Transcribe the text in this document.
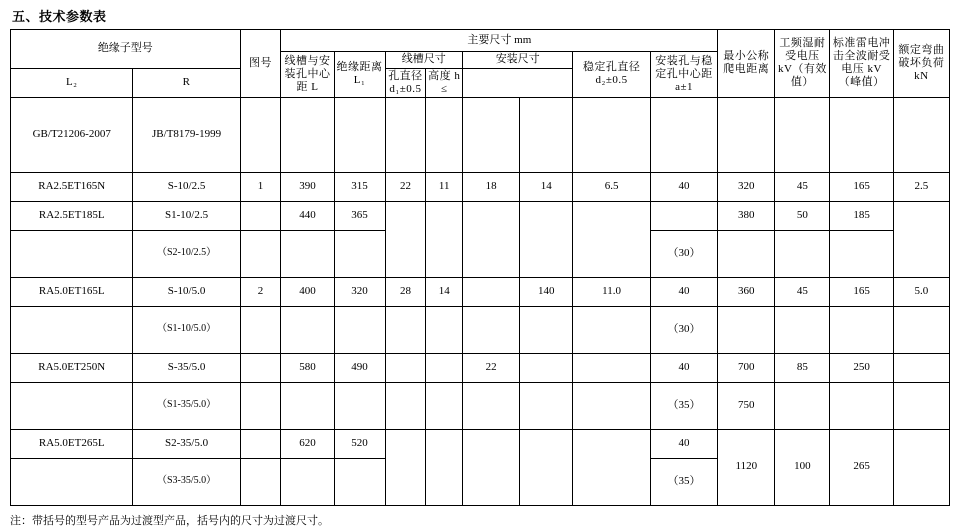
五、技术参数表
绝缘子型号		图号	主要尺寸 mm								最小公称爬电距离	工频湿耐受电压 kV（有效值）	标准雷电冲击全波耐受电压 kV（峰值）	额定弯曲破坏负荷 kN
			线槽与安装孔中心距 L	绝缘距离 L₁	线槽尺寸		安装尺寸		稳定孔直径 d₂±0.5	安装孔与稳定孔中心距 a±1				
L₂	R				孔直径 d₁±0.5	高度 h ≤								
GB/T21206-2007	JB/T8179-1999													
RA2.5ET165N	S-10/2.5	1	390	315	22	11	18	14	6.5	40	320	45	165	2.5
RA2.5ET185L	S1-10/2.5		440	365							380	50	185	
	（S2-10/2.5）									（30）				
RA5.0ET165L	S-10/5.0	2	400	320	28	14		140	11.0	40	360	45	165	5.0
	（S1-10/5.0）									（30）				
RA5.0ET250N	S-35/5.0		580	490			22			40	700	85	250	
	（S1-35/5.0）									（35）	750			
RA5.0ET265L	S2-35/5.0		620	520						40	1120	100	265	
	（S3-35/5.0）									（35）				
注：带括号的型号产品为过渡型产品，括号内的尺寸为过渡尺寸。
